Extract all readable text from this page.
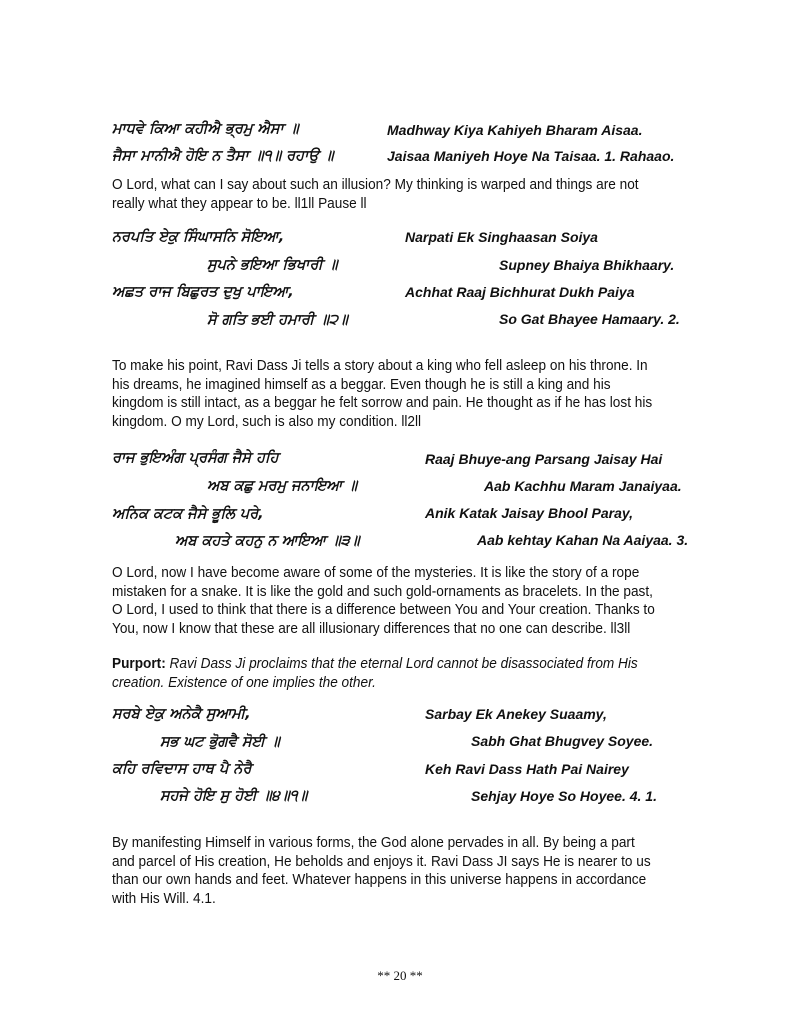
ਮਾਧਵੇ ਕਿਆ ਕਹੀਐ ਭ੍ਰਮੁ ਐਸਾ ॥	Madhway Kiya Kahiyeh Bharam Aisaa.
ਜੈਸਾ ਮਾਨੀਐ ਹੋਇ ਨ ਤੈਸਾ ॥੧॥ ਰਹਾਉ ॥	Jaisaa Maniyeh Hoye Na Taisaa. 1. Rahaao.
O Lord, what can I say about such an illusion? My thinking is warped and things are not really what they appear to be. ll1ll Pause ll
ਨਰਪਤਿ ਏਕੁ ਸਿੰਘਾਸਨਿ ਸੋਇਆ,	Narpati Ek Singhaasan Soiya
ਸੁਪਨੇ ਭਇਆ ਭਿਖਾਰੀ ॥	Supney Bhaiya Bhikhaary.
ਅਛਤ ਰਾਜ ਬਿਛੁਰਤ ਦੁਖੁ ਪਾਇਆ,	Achhat Raaj Bichhurat Dukh Paiya
ਸੋ ਗਤਿ ਭਈ ਹਮਾਰੀ ॥੨॥	So Gat Bhayee Hamaary. 2.
To make his point, Ravi Dass Ji tells a story about a king who fell asleep on his throne. In his dreams, he imagined himself as a beggar. Even though he is still a king and his kingdom is still intact, as a beggar he felt sorrow and pain. He thought as if he has lost his kingdom. O my Lord, such is also my condition. ll2ll
ਰਾਜ ਭੁਇਅੰਗ ਪ੍ਰਸੰਗ ਜੈਸੇ ਹਹਿ	Raaj Bhuye-ang Parsang Jaisay Hai
ਅਬ ਕਛੁ ਮਰਮੁ ਜਨਾਇਆ ॥	Aab Kachhu Maram Janaiyaa.
ਅਨਿਕ ਕਟਕ ਜੈਸੇ ਭੂਲਿ ਪਰੇ,	Anik Katak Jaisay Bhool Paray,
ਅਬ ਕਹਤੇ ਕਹਨੁ ਨ ਆਇਆ ॥੩॥	Aab kehtay Kahan Na Aaiyaa. 3.
O Lord, now I have become aware of some of the mysteries. It is like the story of a rope mistaken for a snake. It is like the gold and such gold-ornaments as bracelets. In the past, O Lord, I used to think that there is a difference between You and Your creation. Thanks to You, now I know that these are all illusionary differences that no one can describe. ll3ll
Purport: Ravi Dass Ji proclaims that the eternal Lord cannot be disassociated from His creation. Existence of one implies the other.
ਸਰਬੇ ਏਕੁ ਅਨੇਕੈ ਸੁਆਮੀ,	Sarbay Ek Anekey Suaamy,
ਸਭ ਘਟ ਭੋੁਗਵੈ ਸੋਈ ॥	Sabh Ghat Bhugvey Soyee.
ਕਹਿ ਰਵਿਦਾਸ ਹਾਥ ਪੈ ਨੇਰੈ	Keh Ravi Dass Hath Pai Nairey
ਸਹਜੇ ਹੋਇ ਸੁ ਹੋਈ ॥੪॥੧॥	Sehjay Hoye So Hoyee. 4. 1.
By manifesting Himself in various forms, the God alone pervades in all. By being a part and parcel of His creation, He beholds and enjoys it. Ravi Dass JI says He is nearer to us than our own hands and feet. Whatever happens in this universe happens in accordance with His Will. 4.1.
** 20 **
